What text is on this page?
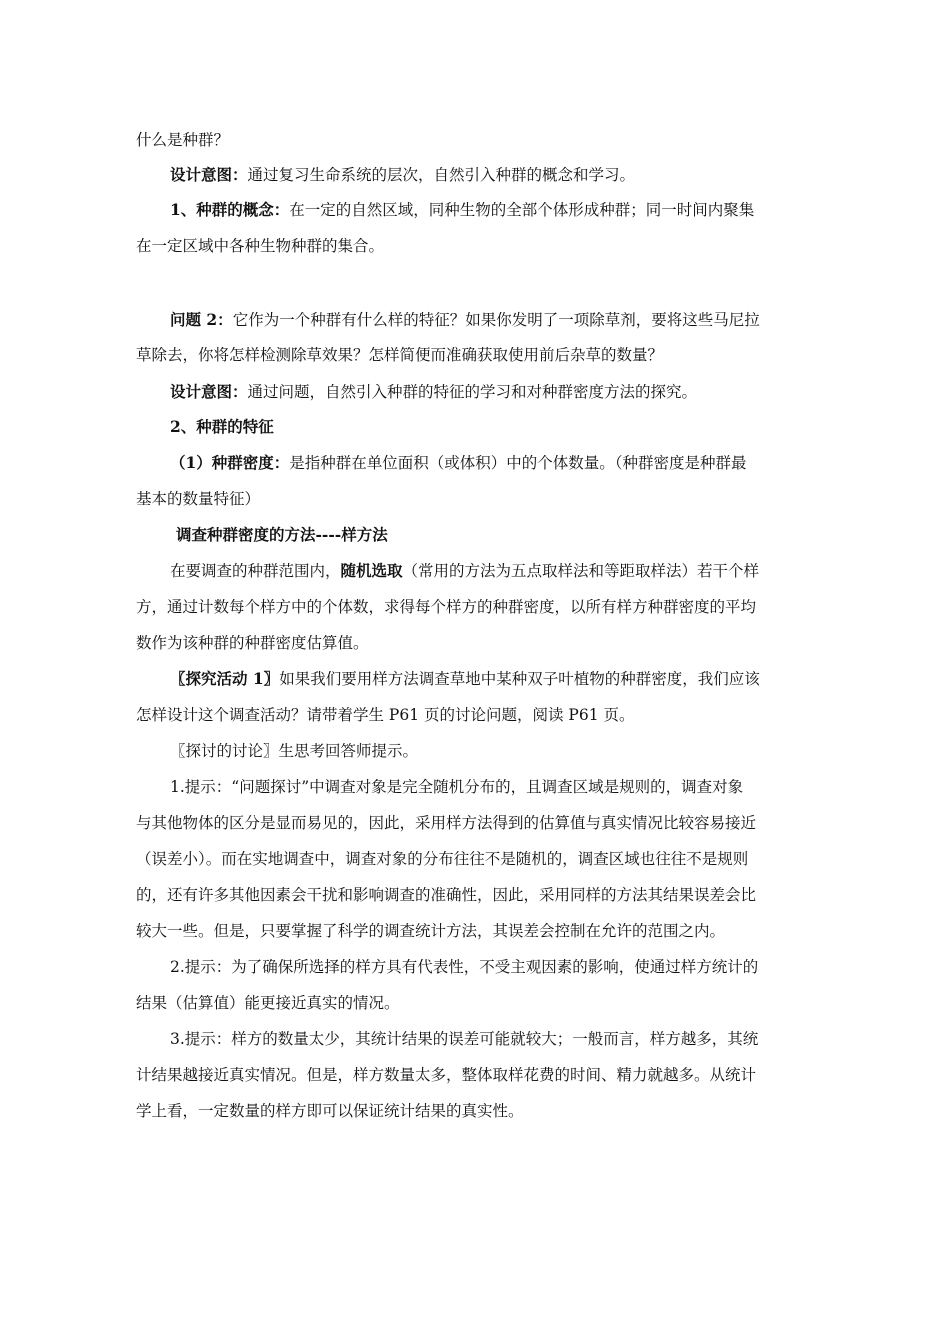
什么是种群？
设计意图：通过复习生命系统的层次，自然引入种群的概念和学习。
1、种群的概念：在一定的自然区域，同种生物的全部个体形成种群；同一时间内聚集
在一定区域中各种生物种群的集合。
问题 2：它作为一个种群有什么样的特征？如果你发明了一项除草剂，要将这些马尼拉
草除去，你将怎样检测除草效果？怎样简便而准确获取使用前后杂草的数量？
设计意图：通过问题，自然引入种群的特征的学习和对种群密度方法的探究。
2、种群的特征
（1）种群密度：是指种群在单位面积（或体积）中的个体数量。（种群密度是种群最
基本的数量特征）
调查种群密度的方法----样方法
在要调查的种群范围内，随机选取（常用的方法为五点取样法和等距取样法）若干个样
方，通过计数每个样方中的个体数，求得每个样方的种群密度，以所有样方种群密度的平均
数作为该种群的种群密度估算值。
〖探究活动 1〗如果我们要用样方法调查草地中某种双子叶植物的种群密度，我们应该
怎样设计这个调查活动？请带着学生 P61 页的讨论问题，阅读 P61 页。
〖探讨的讨论〗生思考回答师提示。
1.提示：“问题探讨”中调查对象是完全随机分布的，且调查区域是规则的，调查对象
与其他物体的区分是显而易见的，因此，采用样方法得到的估算值与真实情况比较容易接近
（误差小）。而在实地调查中，调查对象的分布往往不是随机的，调查区域也往往不是规则
的，还有许多其他因素会干扰和影响调查的准确性，因此，采用同样的方法其结果误差会比
较大一些。但是，只要掌握了科学的调查统计方法，其误差会控制在允许的范围之内。
2.提示：为了确保所选择的样方具有代表性，不受主观因素的影响，使通过样方统计的
结果（估算值）能更接近真实的情况。
3.提示：样方的数量太少，其统计结果的误差可能就较大；一般而言，样方越多，其统
计结果越接近真实情况。但是，样方数量太多，整体取样花费的时间、精力就越多。从统计
学上看，一定数量的样方即可以保证统计结果的真实性。
